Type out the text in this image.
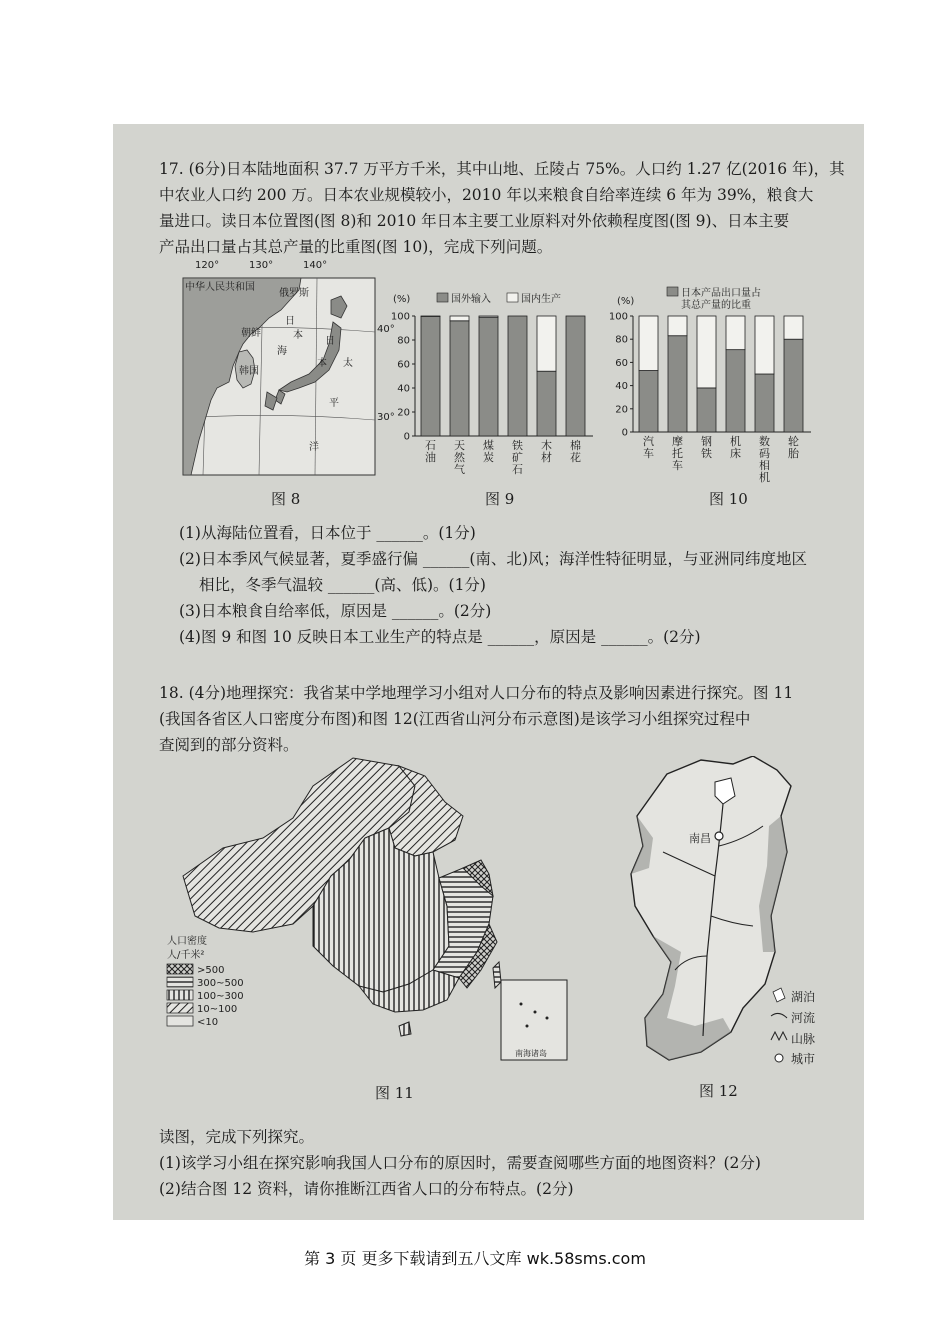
17. (6分)日本陆地面积 37.7 万平方千米，其中山地、丘陵占 75%。人口约 1.27 亿(2016 年)，其
中农业人口约 200 万。日本农业规模较小，2010 年以来粮食自给率连续 6 年为 39%，粮食大
量进口。读日本位置图(图 8)和 2010 年日本主要工业原料对外依赖程度图(图 9)、日本主要
产品出口量占其总产量的比重图(图 10)，完成下列问题。
中华人民共和国
俄罗斯
朝鲜
韩国
日
本
海
日
本 太
平
洋
120°	130°	140°
40°
30°
图 8
(%)	国外输入	国内生产
0
20
40
60
80
100
石
油
天
然
气
煤
炭
铁
矿
石
木
材
棉
花
图 9
(%)
日本产品出口量占
其总产量的比重
0
20
40
60
80
100
汽
车
摩
托
车
钢
铁
机
床
数
码
相
机
轮
胎
图 10
(1)从海陆位置看，日本位于 ______。(1分)
(2)日本季风气候显著，夏季盛行偏 ______(南、北)风；海洋性特征明显，与亚洲同纬度地区
相比，冬季气温较 ______(高、低)。(1分)
(3)日本粮食自给率低，原因是 ______。(2分)
(4)图 9 和图 10 反映日本工业生产的特点是 ______，原因是 ______。(2分)
18. (4分)地理探究：我省某中学地理学习小组对人口分布的特点及影响因素进行探究。图 11
(我国各省区人口密度分布图)和图 12(江西省山河分布示意图)是该学习小组探究过程中
查阅到的部分资料。
南海诸岛
人口密度
人/千米²
>500
300~500
100~300
10~100
<10
图 11
南昌
湖泊
河流
山脉
城市
图 12
读图，完成下列探究。
(1)该学习小组在探究影响我国人口分布的原因时，需要查阅哪些方面的地图资料？(2分)
(2)结合图 12 资料，请你推断江西省人口的分布特点。(2分)
第 3 页 更多下载请到五八文库 wk.58sms.com
